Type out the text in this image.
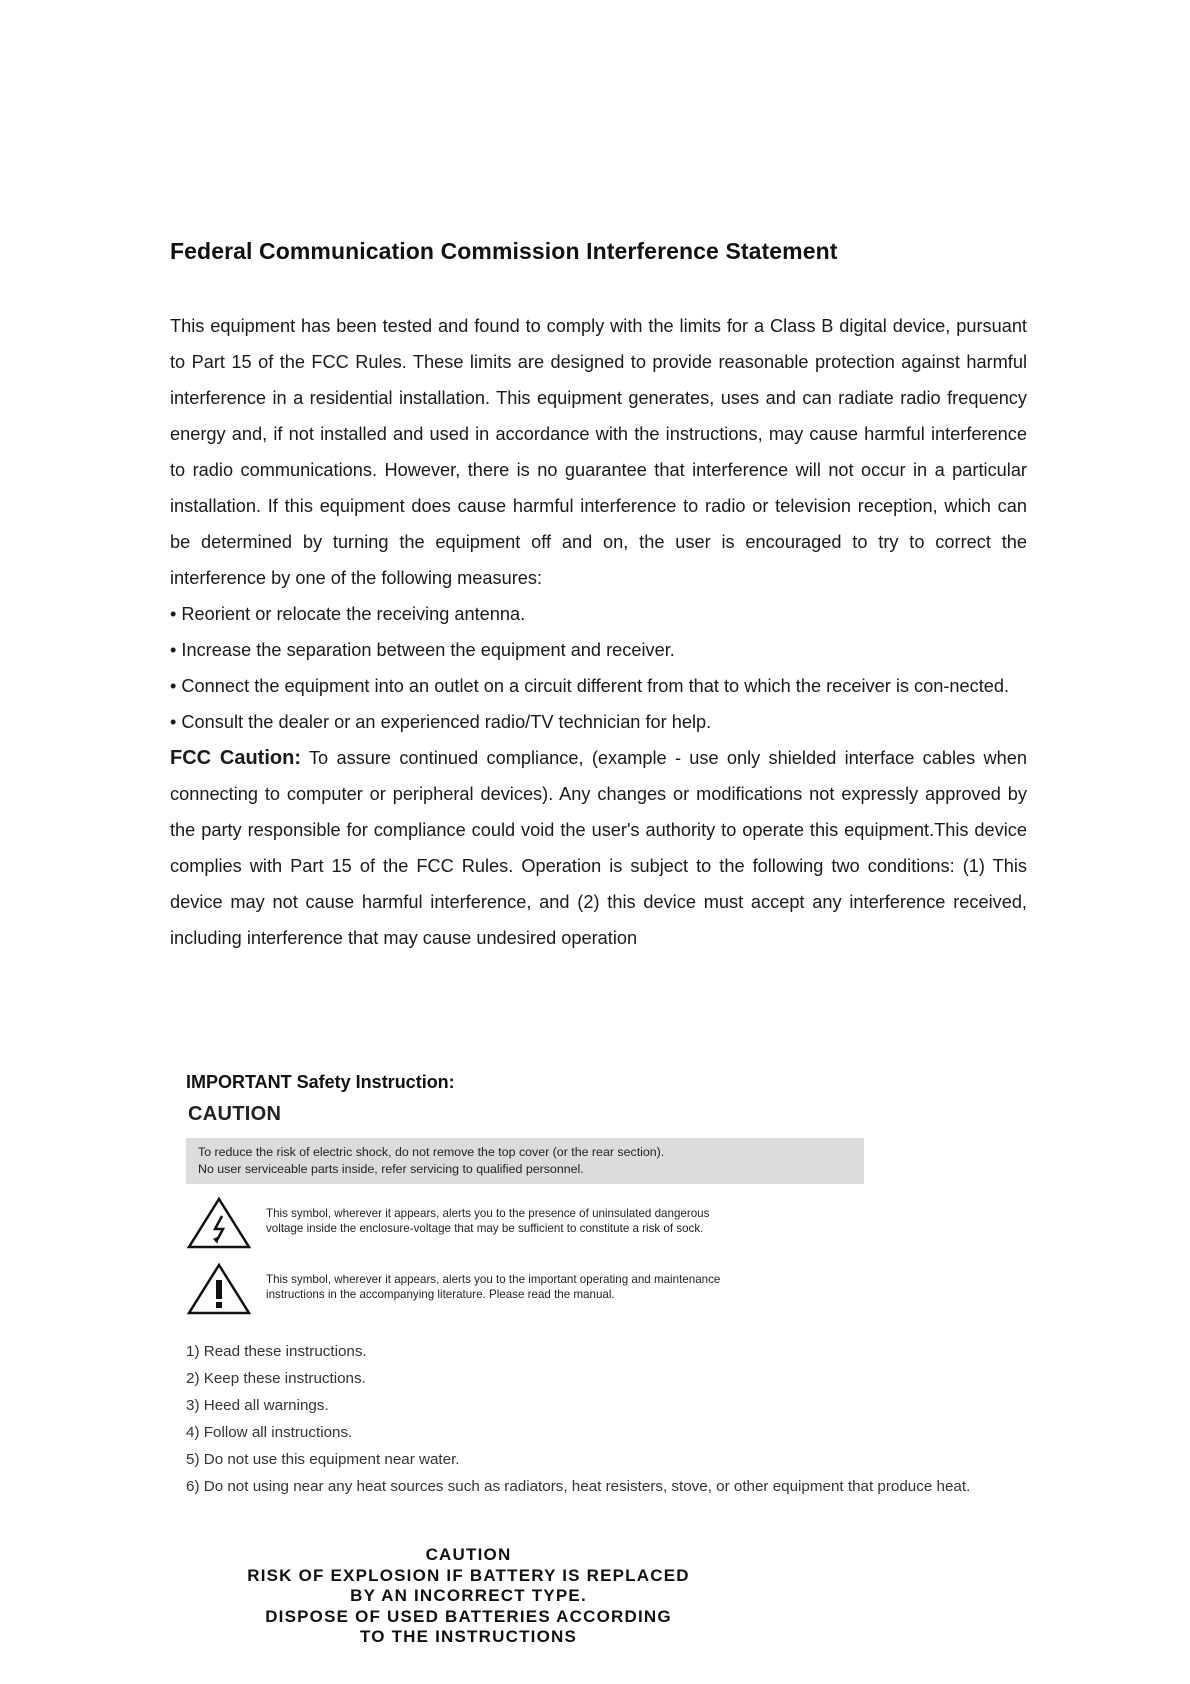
Federal Communication Commission Interference Statement

This equipment has been tested and found to comply with the limits for a Class B digital device, pursuant to Part 15 of the FCC Rules. These limits are designed to provide reasonable protection against harmful interference in a residential installation. This equipment generates, uses and can radiate radio frequency energy and, if not installed and used in accordance with the instructions, may cause harmful interference to radio communications. However, there is no guarantee that interference will not occur in a particular installation. If this equipment does cause harmful interference to radio or television reception, which can be determined by turning the equipment off and on, the user is encouraged to try to correct the interference by one of the following measures:

• Reorient or relocate the receiving antenna.

• Increase the separation between the equipment and receiver.

• Connect the equipment into an outlet on a circuit different from that to which the receiver is con-nected.

• Consult the dealer or an experienced radio/TV technician for help.

FCC Caution: To assure continued compliance, (example - use only shielded interface cables when connecting to computer or peripheral devices). Any changes or modifications not expressly approved by the party responsible for compliance could void the user's authority to operate this equipment.This device complies with Part 15 of the FCC Rules. Operation is subject to the following two conditions: (1) This device may not cause harmful interference, and (2) this device must accept any interference received, including interference that may cause undesired operation

IMPORTANT Safety Instruction:
CAUTION
To reduce the risk of electric shock, do not remove the top cover (or the rear section).
No user serviceable parts inside, refer servicing to qualified personnel.
This symbol, wherever it appears, alerts you to the presence of uninsulated dangerous
voltage inside the enclosure-voltage that may be sufficient to constitute a risk of sock.
This symbol, wherever it appears, alerts you to the important operating and maintenance
instructions in the accompanying literature. Please read the manual.
1) Read these instructions.
2) Keep these instructions.
3) Heed all warnings.
4) Follow all instructions.
5) Do not use this equipment near water.
6) Do not using near any heat sources such as radiators, heat resisters, stove, or other equipment that produce heat.
CAUTION
RISK OF EXPLOSION IF BATTERY IS REPLACED
BY AN INCORRECT TYPE.
DISPOSE OF USED BATTERIES ACCORDING
TO THE INSTRUCTIONS
